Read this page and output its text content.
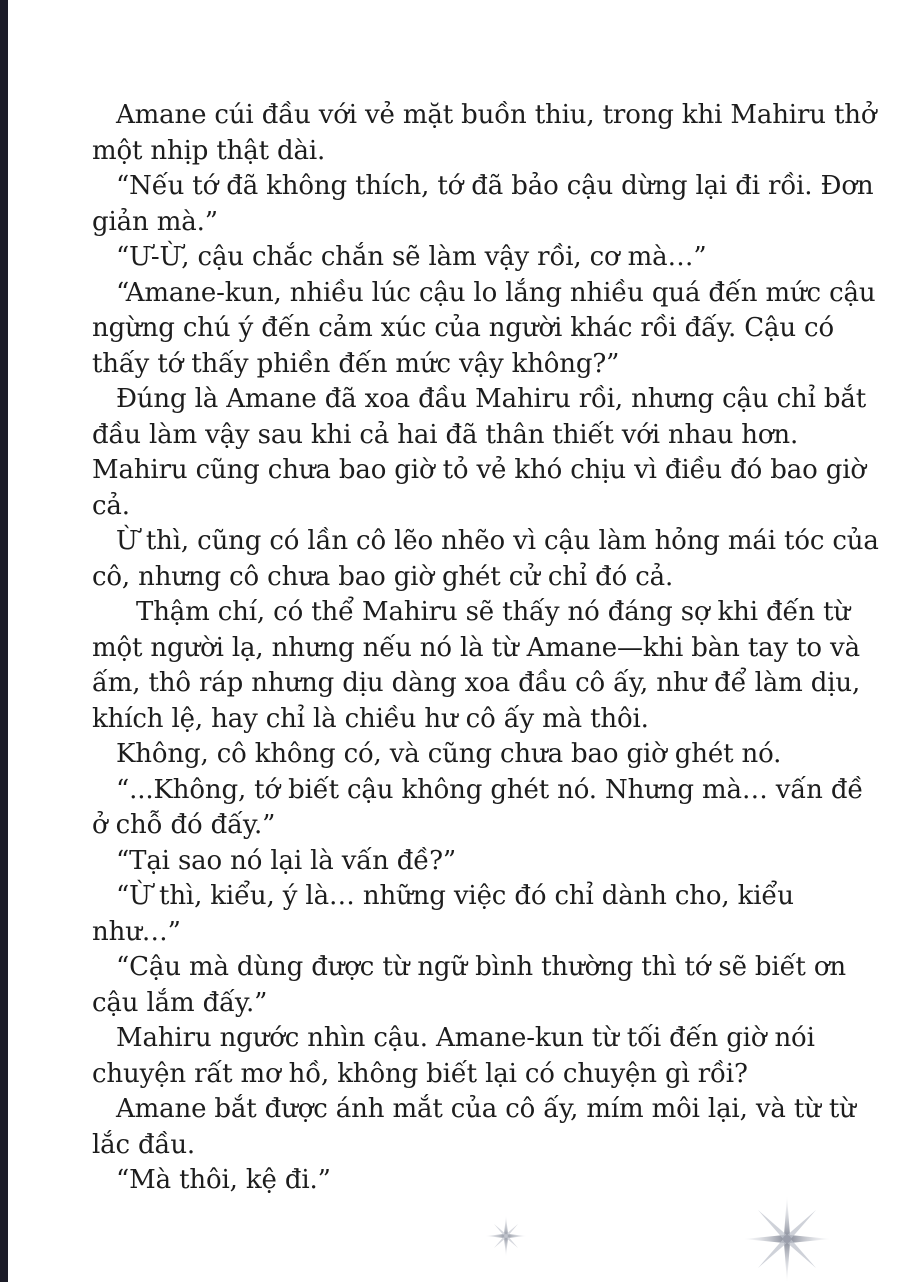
Amane cúi đầu với vẻ mặt buồn thiu, trong khi Mahiru thở một nhịp thật dài.

“Nếu tớ đã không thích, tớ đã bảo cậu dừng lại đi rồi. Đơn giản mà.”

“Ư-Ừ, cậu chắc chắn sẽ làm vậy rồi, cơ mà…”

“Amane-kun, nhiều lúc cậu lo lắng nhiều quá đến mức cậu ngừng chú ý đến cảm xúc của người khác rồi đấy. Cậu có thấy tớ thấy phiền đến mức vậy không?”

Đúng là Amane đã xoa đầu Mahiru rồi, nhưng cậu chỉ bắt đầu làm vậy sau khi cả hai đã thân thiết với nhau hơn. Mahiru cũng chưa bao giờ tỏ vẻ khó chịu vì điều đó bao giờ cả.

Ừ thì, cũng có lần cô lẽo nhẽo vì cậu làm hỏng mái tóc của cô, nhưng cô chưa bao giờ ghét cử chỉ đó cả.

Thậm chí, có thể Mahiru sẽ thấy nó đáng sợ khi đến từ một người lạ, nhưng nếu nó là từ Amane—khi bàn tay to và ấm, thô ráp nhưng dịu dàng xoa đầu cô ấy, như để làm dịu, khích lệ, hay chỉ là chiều hư cô ấy mà thôi.

Không, cô không có, và cũng chưa bao giờ ghét nó.

“...Không, tớ biết cậu không ghét nó. Nhưng mà… vấn đề ở chỗ đó đấy.”

“Tại sao nó lại là vấn đề?”

“Ừ thì, kiểu, ý là… những việc đó chỉ dành cho, kiểu như…”

“Cậu mà dùng được từ ngữ bình thường thì tớ sẽ biết ơn cậu lắm đấy.”

Mahiru ngước nhìn cậu. Amane-kun từ tối đến giờ nói chuyện rất mơ hồ, không biết lại có chuyện gì rồi?

Amane bắt được ánh mắt của cô ấy, mím môi lại, và từ từ lắc đầu.

“Mà thôi, kệ đi.”
